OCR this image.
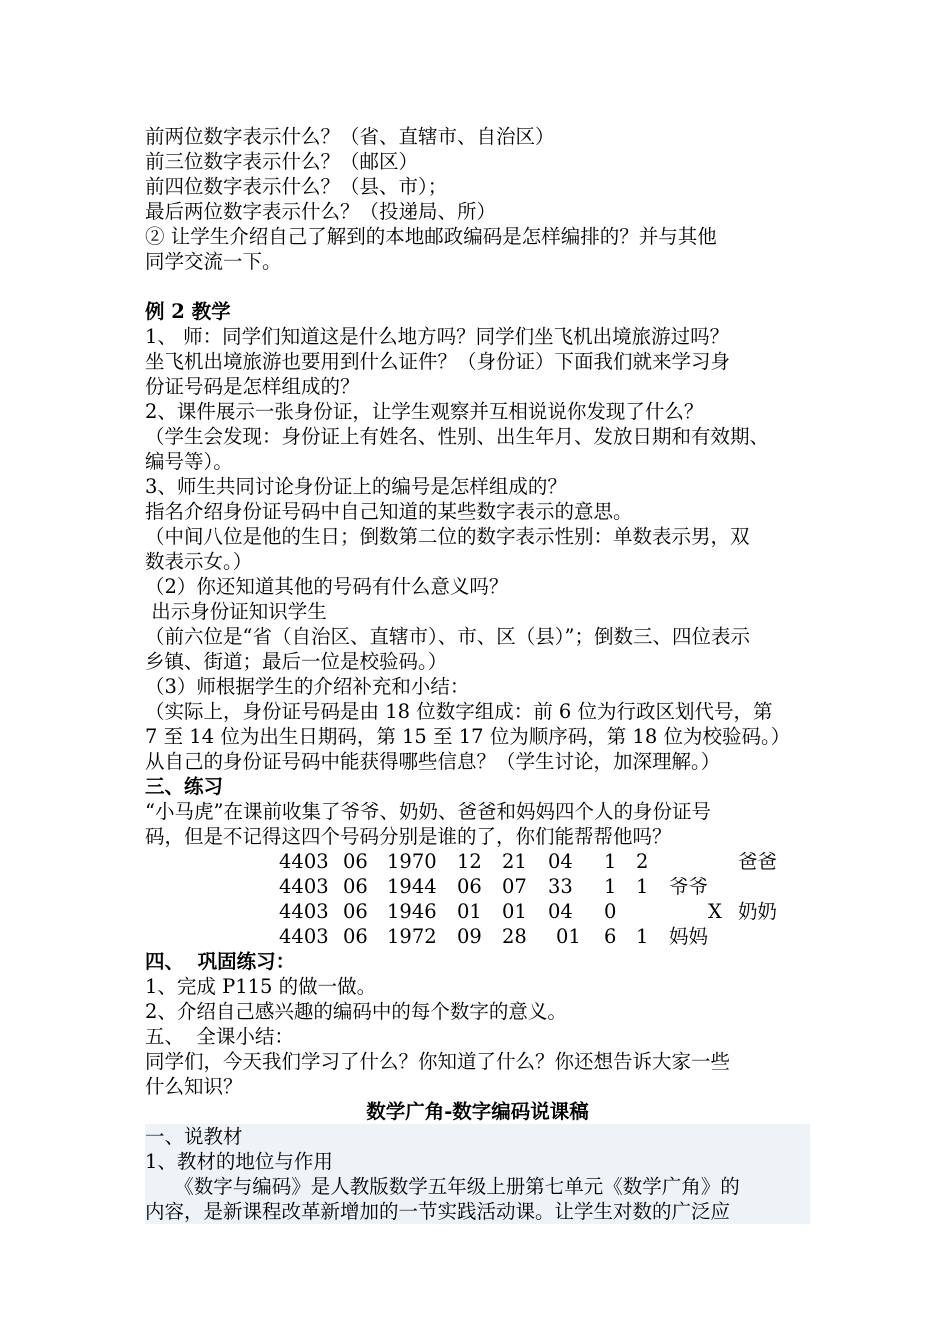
前两位数字表示什么？（省、直辖市、自治区）
前三位数字表示什么？（邮区）
前四位数字表示什么？（县、市）；
最后两位数字表示什么？（投递局、所）
② 让学生介绍自己了解到的本地邮政编码是怎样编排的？并与其他
同学交流一下。
例 2 教学
1、 师：同学们知道这是什么地方吗？同学们坐飞机出境旅游过吗？
坐飞机出境旅游也要用到什么证件？（身份证）下面我们就来学习身
份证号码是怎样组成的？
2、课件展示一张身份证，让学生观察并互相说说你发现了什么？
（学生会发现：身份证上有姓名、性别、出生年月、发放日期和有效期、
编号等）。
3、师生共同讨论身份证上的编号是怎样组成的？
指名介绍身份证号码中自己知道的某些数字表示的意思。
（中间八位是他的生日；倒数第二位的数字表示性别：单数表示男，双
数表示女。）
（2）你还知道其他的号码有什么意义吗？
出示身份证知识学生
（前六位是“省（自治区、直辖市）、市、区（县）”；倒数三、四位表示
乡镇、街道；最后一位是校验码。）
（3）师根据学生的介绍补充和小结：
（实际上，身份证号码是由 18 位数字组成：前 6 位为行政区划代号，第
7 至 14 位为出生日期码，第 15 至 17 位为顺序码，第 18 位为校验码。）
从自己的身份证号码中能获得哪些信息？（学生讨论，加深理解。）
三、练习
“小马虎”在课前收集了爷爷、奶奶、爸爸和妈妈四个人的身份证号
码，但是不记得这四个号码分别是谁的了，你们能帮帮他吗？
4403 06 1970 12 21 04 1 2	爸爸
4403 06 1944 06 07 33 1 1 爷爷
4403 06 1946 01 01 04 0	X 奶奶
4403 06 1972 09 28 01 6 1 妈妈
四、  巩固练习：
1、完成 P115 的做一做。
2、介绍自己感兴趣的编码中的每个数字的意义。
五、  全课小结：
同学们，今天我们学习了什么？你知道了什么？你还想告诉大家一些
什么知识？
数学广角-数字编码说课稿
一、说教材
1、教材的地位与作用
　　《数字与编码》是人教版数学五年级上册第七单元《数学广角》的
内容，是新课程改革新增加的一节实践活动课。让学生对数的广泛应
